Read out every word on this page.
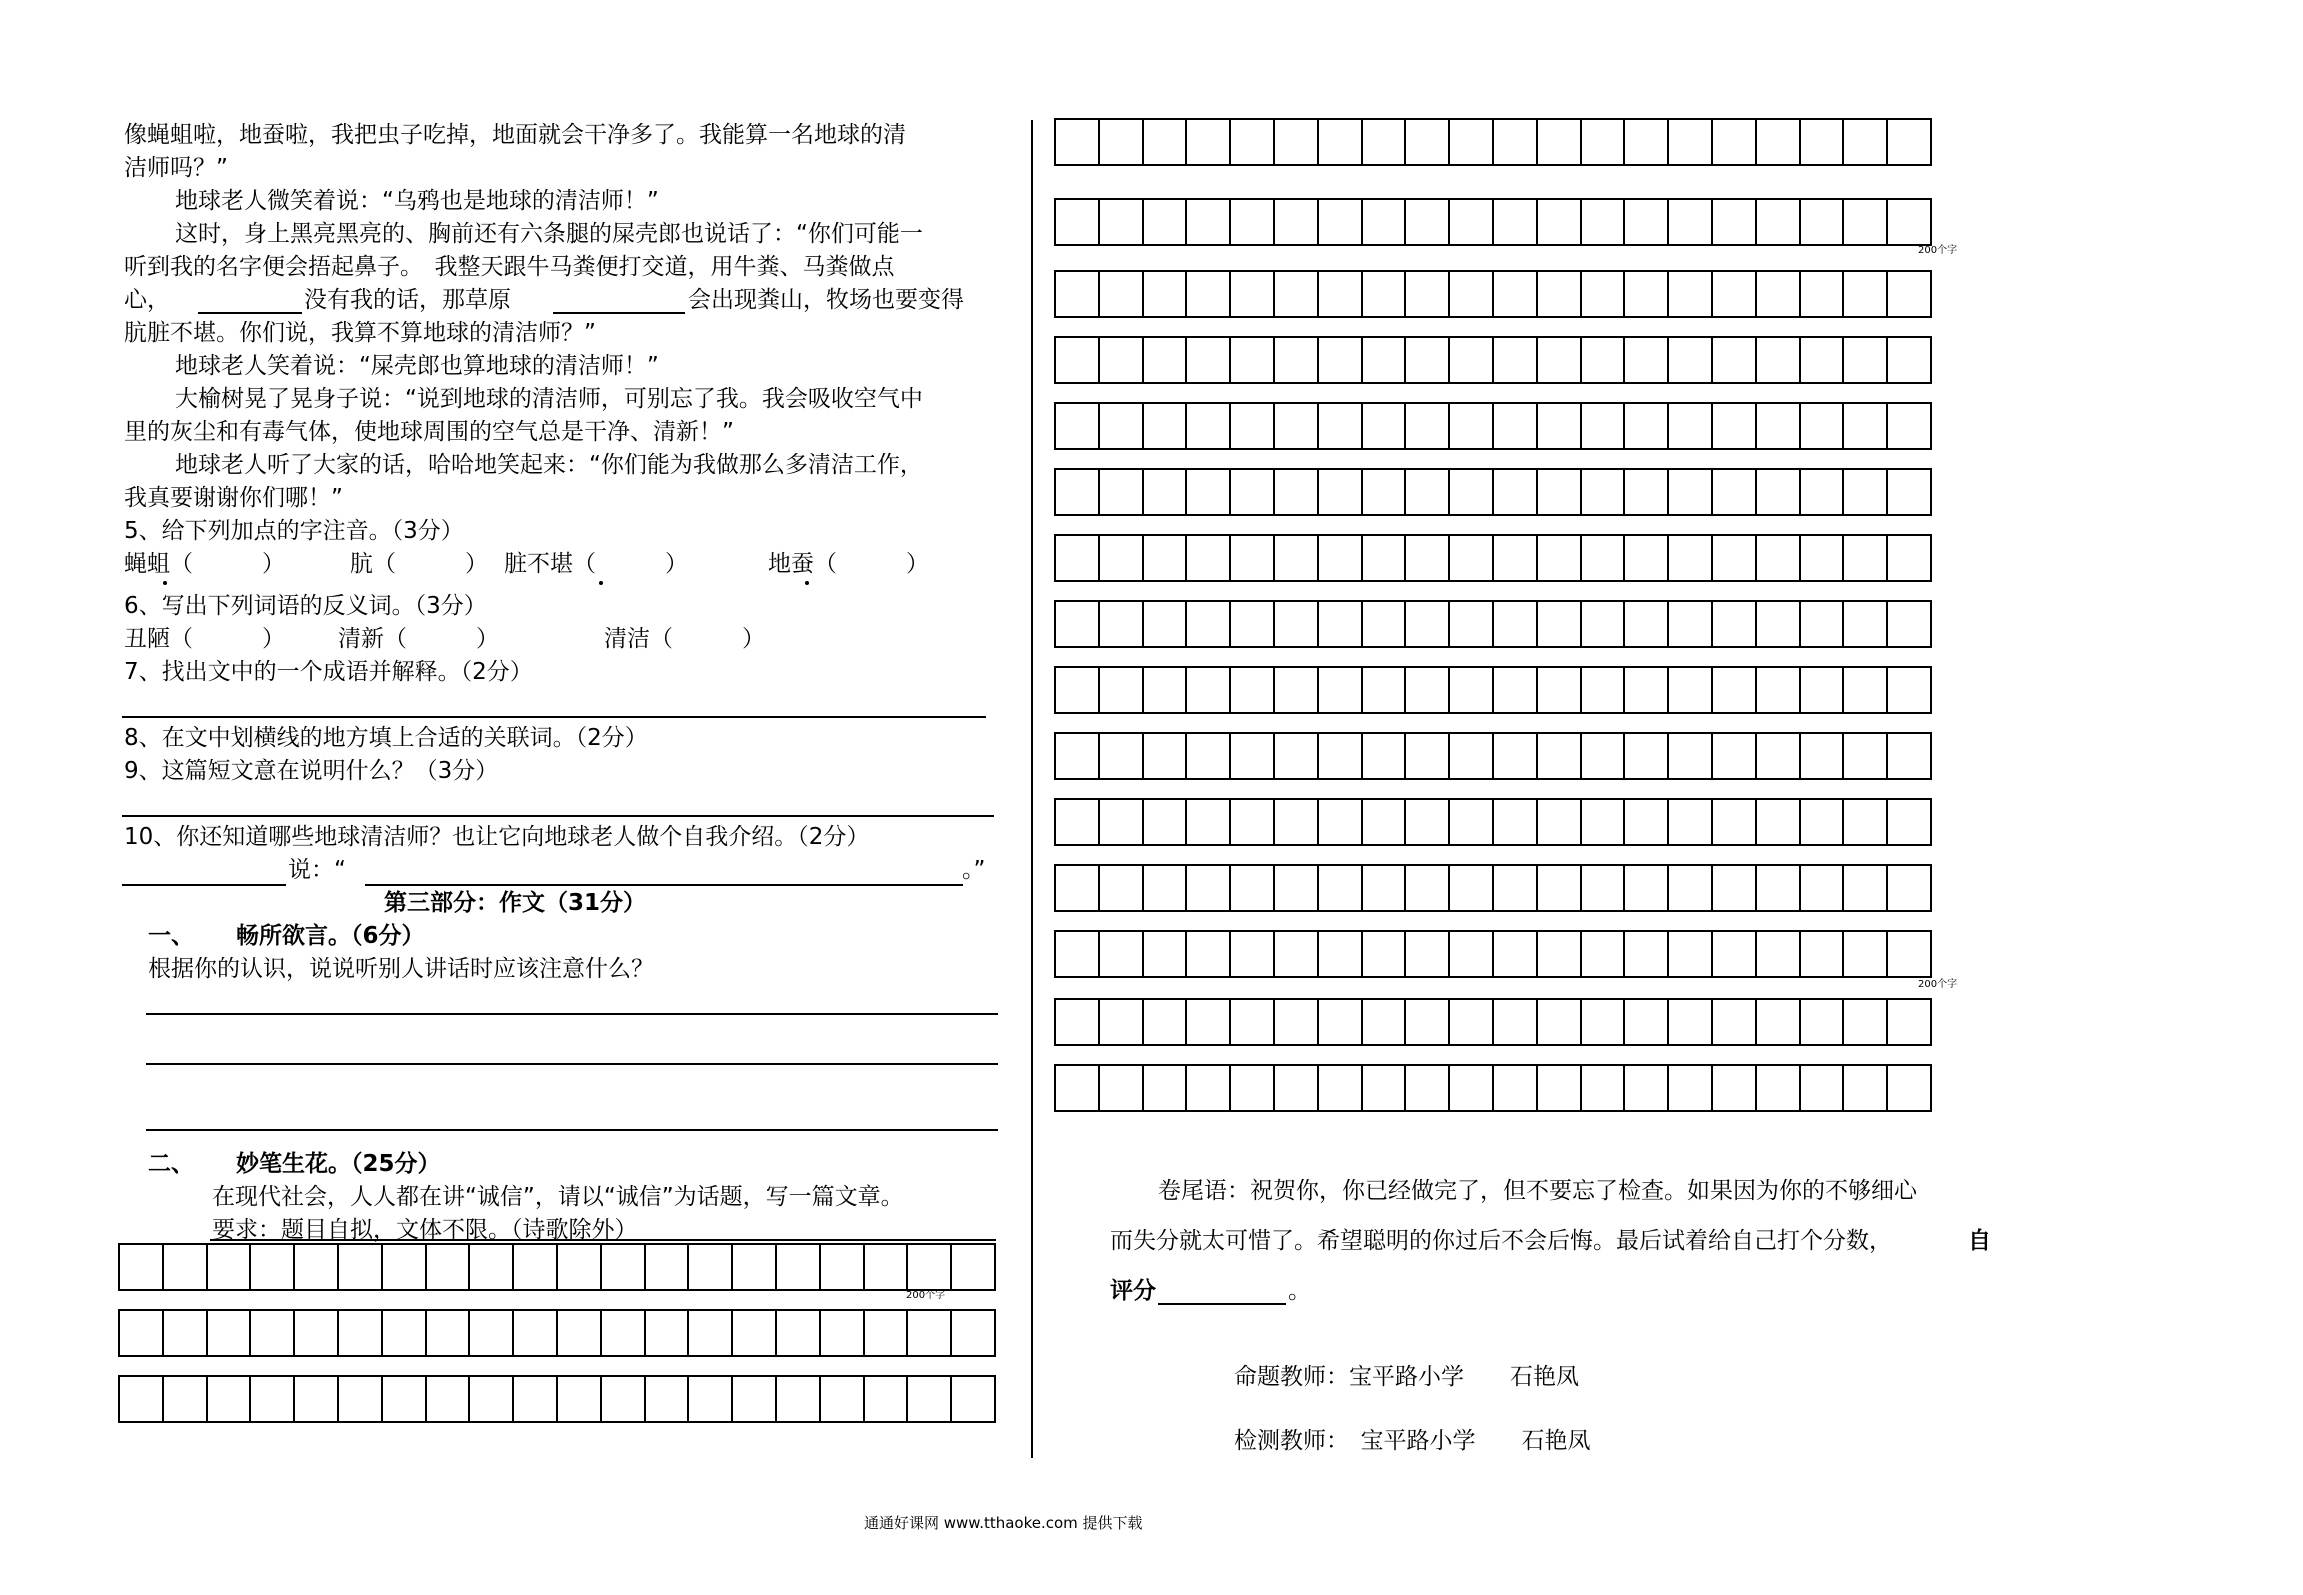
像蝇蛆啦，地蚕啦，我把虫子吃掉，地面就会干净多了。我能算一名地球的清
洁师吗？”
地球老人微笑着说：“乌鸦也是地球的清洁师！”
这时，身上黑亮黑亮的、胸前还有六条腿的屎壳郎也说话了：“你们可能一
听到我的名字便会捂起鼻子。　我整天跟牛马粪便打交道，用牛粪、马粪做点
心，	没有我的话，那草原	会出现粪山，牧场也要变得
肮脏不堪。你们说，我算不算地球的清洁师？”
地球老人笑着说：“屎壳郎也算地球的清洁师！”
大榆树晃了晃身子说：“说到地球的清洁师，可别忘了我。我会吸收空气中
里的灰尘和有毒气体，使地球周围的空气总是干净、清新！”
地球老人听了大家的话，哈哈地笑起来：“你们能为我做那么多清洁工作，
我真要谢谢你们哪！”
5、给下列加点的字注音。（3分）
蝇蛆（　　　）	肮（　　　） 脏不堪（　　　）	地蚕（　　　）
6、写出下列词语的反义词。（3分）
丑陋（　　　） 清新（　　　）	清洁（　　　）
7、找出文中的一个成语并解释。（2分）
8、在文中划横线的地方填上合适的关联词。（2分）
9、这篇短文意在说明什么？（3分）
10、你还知道哪些地球清洁师？也让它向地球老人做个自我介绍。（2分）
说：“	。”
第三部分：作文（31分）
一、 畅所欲言。（6分）
根据你的认识，说说听别人讲话时应该注意什么？
二、 妙笔生花。（25分）
在现代社会，人人都在讲“诚信”，请以“诚信”为话题，写一篇文章。
要求：题目自拟，文体不限。（诗歌除外）
200个字
200个字
200个字
卷尾语：祝贺你，你已经做完了，但不要忘了检查。如果因为你的不够细心
而失分就太可惜了。希望聪明的你过后不会后悔。最后试着给自己打个分数，	自
评分	。
命题教师：宝平路小学　　石艳凤
检测教师：　宝平路小学　　石艳凤
通通好课网 www.tthaoke.com 提供下载
